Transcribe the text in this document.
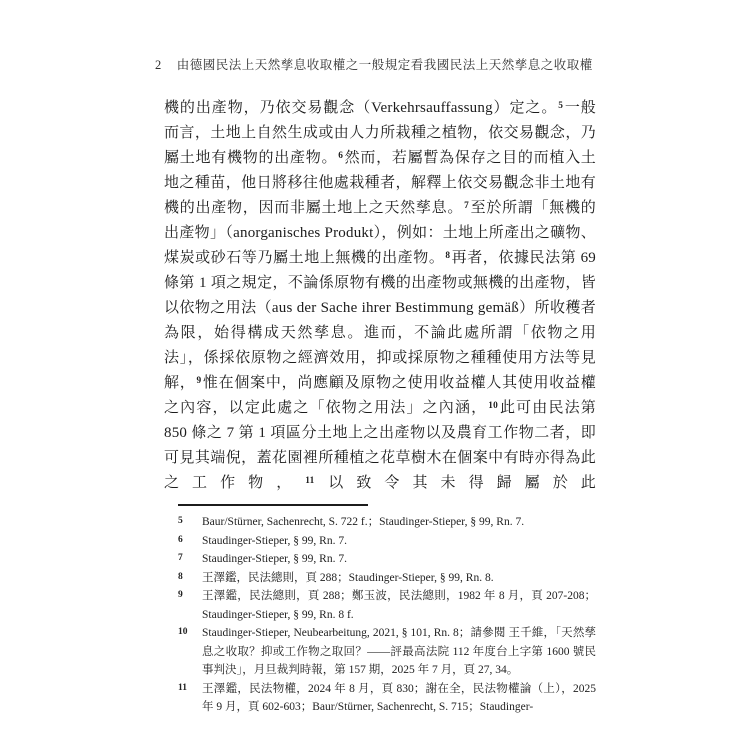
2 由德國民法上天然孳息收取權之一般規定看我國民法上天然孳息之收取權

機的出產物，乃依交易觀念（Verkehrsauffassung）定之。$^5$一般而言，土地上自然生成或由人力所栽種之植物，依交易觀念，乃屬土地有機物的出產物。$^6$然而，若屬暫為保存之目的而植入土地之種苗，他日將移往他處栽種者，解釋上依交易觀念非土地有機的出產物，因而非屬土地上之天然孳息。$^7$至於所謂「無機的出產物」（anorganisches Produkt），例如：土地上所產出之礦物、煤炭或砂石等乃屬土地上無機的出產物。$^8$再者，依據民法第 69 條第 1 項之規定，不論係原物有機的出產物或無機的出產物，皆以依物之用法（aus der Sache ihrer Bestimmung gemäß）所收穫者為限，始得構成天然孳息。進而，不論此處所謂「依物之用法」，係採依原物之經濟效用，抑或採原物之種種使用方法等見解，$^9$惟在個案中，尚應顧及原物之使用收益權人其使用收益權之內容，以定此處之「依物之用法」之內涵，$^{10}$此可由民法第 850 條之 7 第 1 項區分土地上之出產物以及農育工作物二者，即可見其端倪，蓋花園裡所種植之花草樹木在個案中有時亦得為此之工作物，$^{11}$以致令其未得歸屬於此

5 Baur/Stürner, Sachenrecht, S. 722 f.；Staudinger-Stieper, § 99, Rn. 7.
6 Staudinger-Stieper, § 99, Rn. 7.
7 Staudinger-Stieper, § 99, Rn. 7.
8 王澤鑑，民法總則，頁 288；Staudinger-Stieper, § 99, Rn. 8.
9 王澤鑑，民法總則，頁 288；鄭玉波，民法總則，1982 年 8 月，頁 207-208；Staudinger-Stieper, § 99, Rn. 8 f.
10 Staudinger-Stieper, Neubearbeitung, 2021, § 101, Rn. 8；請參閱 王千維，「天然孳息之收取？抑或工作物之取回？——評最高法院 112 年度台上字第 1600 號民事判決」，月旦裁判時報，第 157 期，2025 年 7 月，頁 27, 34。
11 王澤鑑，民法物權，2024 年 8 月，頁 830；謝在全，民法物權論（上），2025 年 9 月，頁 602-603；Baur/Stürner, Sachenrecht, S. 715；Staudinger-
